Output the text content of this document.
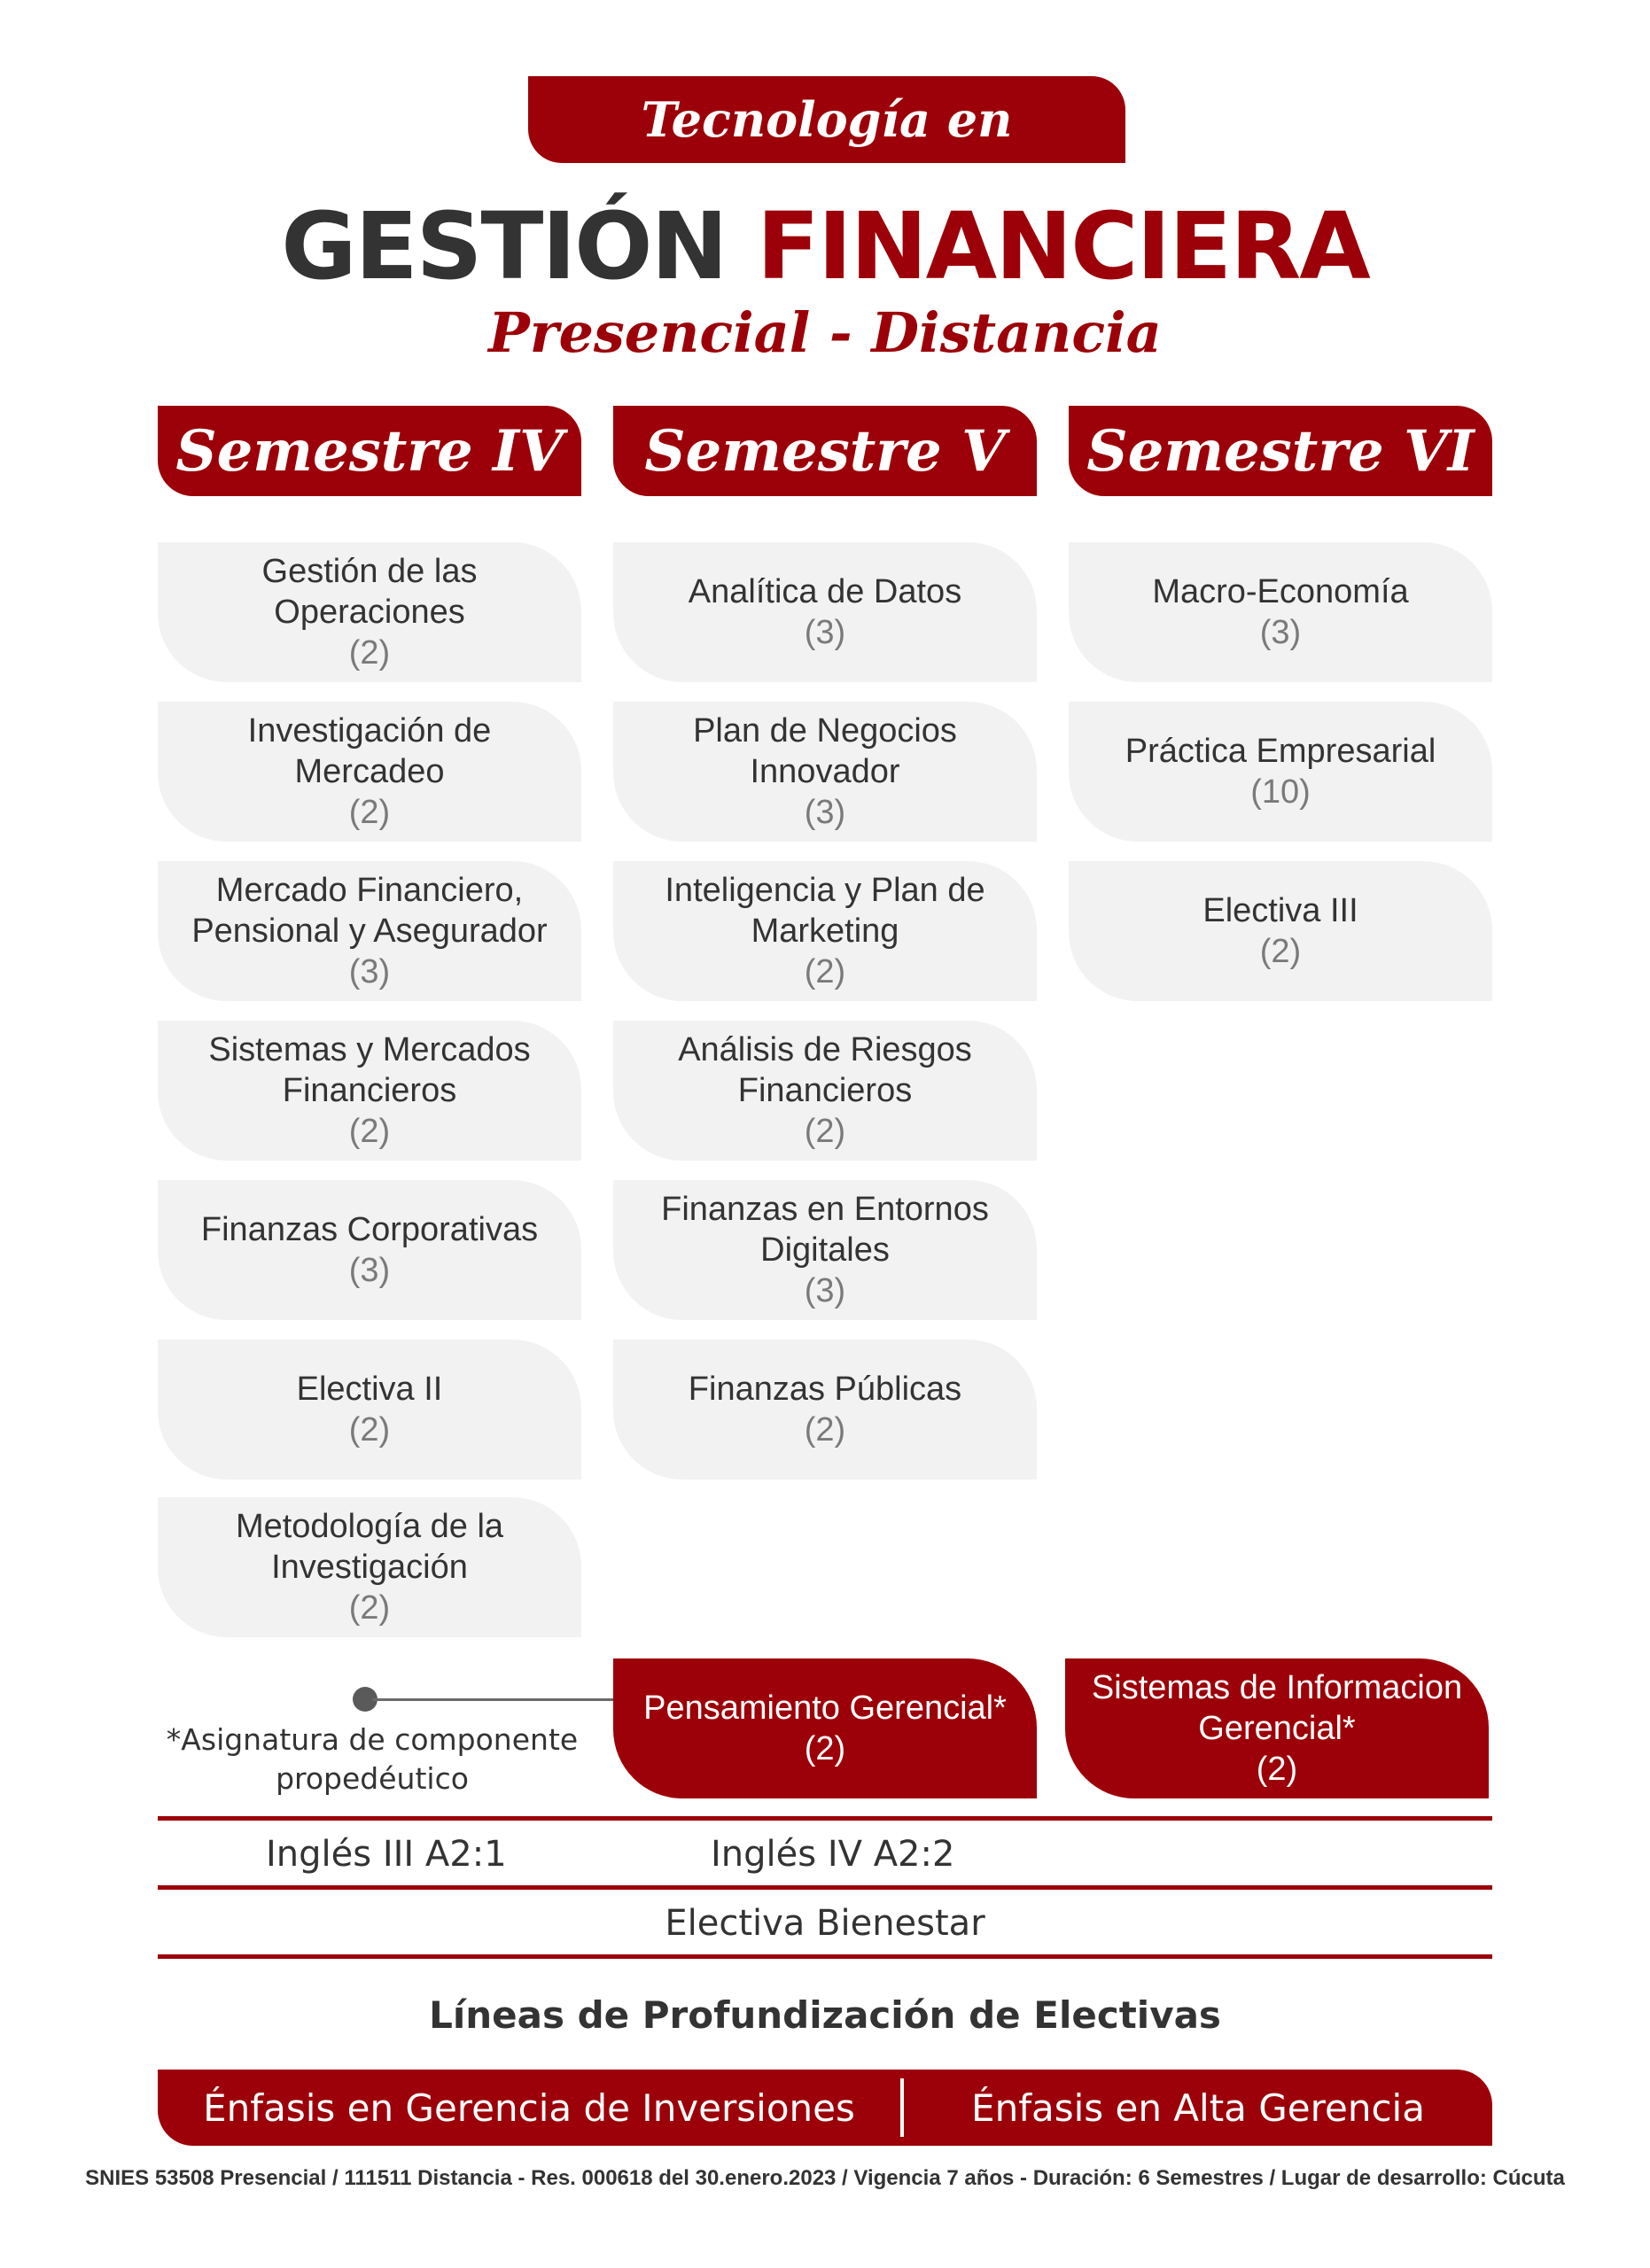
Tecnología en
GESTIÓN FINANCIERA
Presencial - Distancia
Semestre IV Semestre V Semestre VI
Gestión de las Operaciones
(2)
Investigación de Mercadeo
(2)
Mercado Financiero, Pensional y Asegurador
(3)
Sistemas y Mercados Financieros
(2)
Finanzas Corporativas
(3)
Electiva II
(2)
Metodología de la Investigación
(2)
Analítica de Datos
(3)
Plan de Negocios Innovador
(3)
Inteligencia y Plan de Marketing
(2)
Análisis de Riesgos Financieros
(2)
Finanzas en Entornos Digitales
(3)
Finanzas Públicas
(2)
Macro-Economía
(3)
Práctica Empresarial
(10)
Electiva III
(2)
*Asignatura de componente propedéutico
Pensamiento Gerencial*
(2)
Sistemas de Informacion Gerencial*
(2)
Inglés III A2:1	Inglés IV A2:2
Electiva Bienestar
Líneas de Profundización de Electivas
Énfasis en Gerencia de Inversiones	Énfasis en Alta Gerencia
SNIES 53508 Presencial / 111511 Distancia - Res. 000618 del 30.enero.2023 / Vigencia 7 años - Duración: 6 Semestres / Lugar de desarrollo: Cúcuta
